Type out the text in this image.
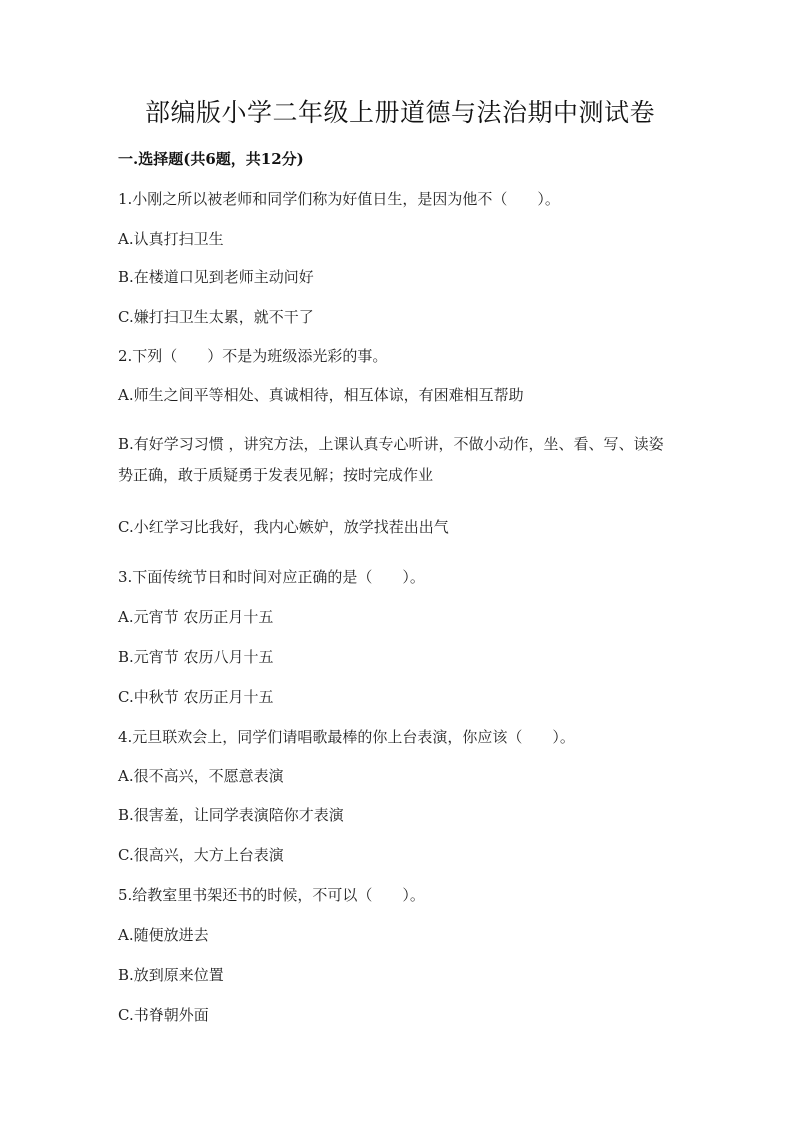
部编版小学二年级上册道德与法治期中测试卷
一.选择题(共6题，共12分)
1.小刚之所以被老师和同学们称为好值日生，是因为他不（　　）。
A.认真打扫卫生
B.在楼道口见到老师主动问好
C.嫌打扫卫生太累，就不干了
2.下列（　　）不是为班级添光彩的事。
A.师生之间平等相处、真诚相待，相互体谅，有困难相互帮助
B.有好学习习惯 ，讲究方法，上课认真专心听讲，不做小动作，坐、看、写、读姿势正确，敢于质疑勇于发表见解；按时完成作业
C.小红学习比我好，我内心嫉妒，放学找茬出出气
3.下面传统节日和时间对应正确的是（　　）。
A.元宵节 农历正月十五
B.元宵节 农历八月十五
C.中秋节 农历正月十五
4.元旦联欢会上，同学们请唱歌最棒的你上台表演，你应该（　　）。
A.很不高兴，不愿意表演
B.很害羞，让同学表演陪你才表演
C.很高兴，大方上台表演
5.给教室里书架还书的时候，不可以（　　）。
A.随便放进去
B.放到原来位置
C.书脊朝外面
